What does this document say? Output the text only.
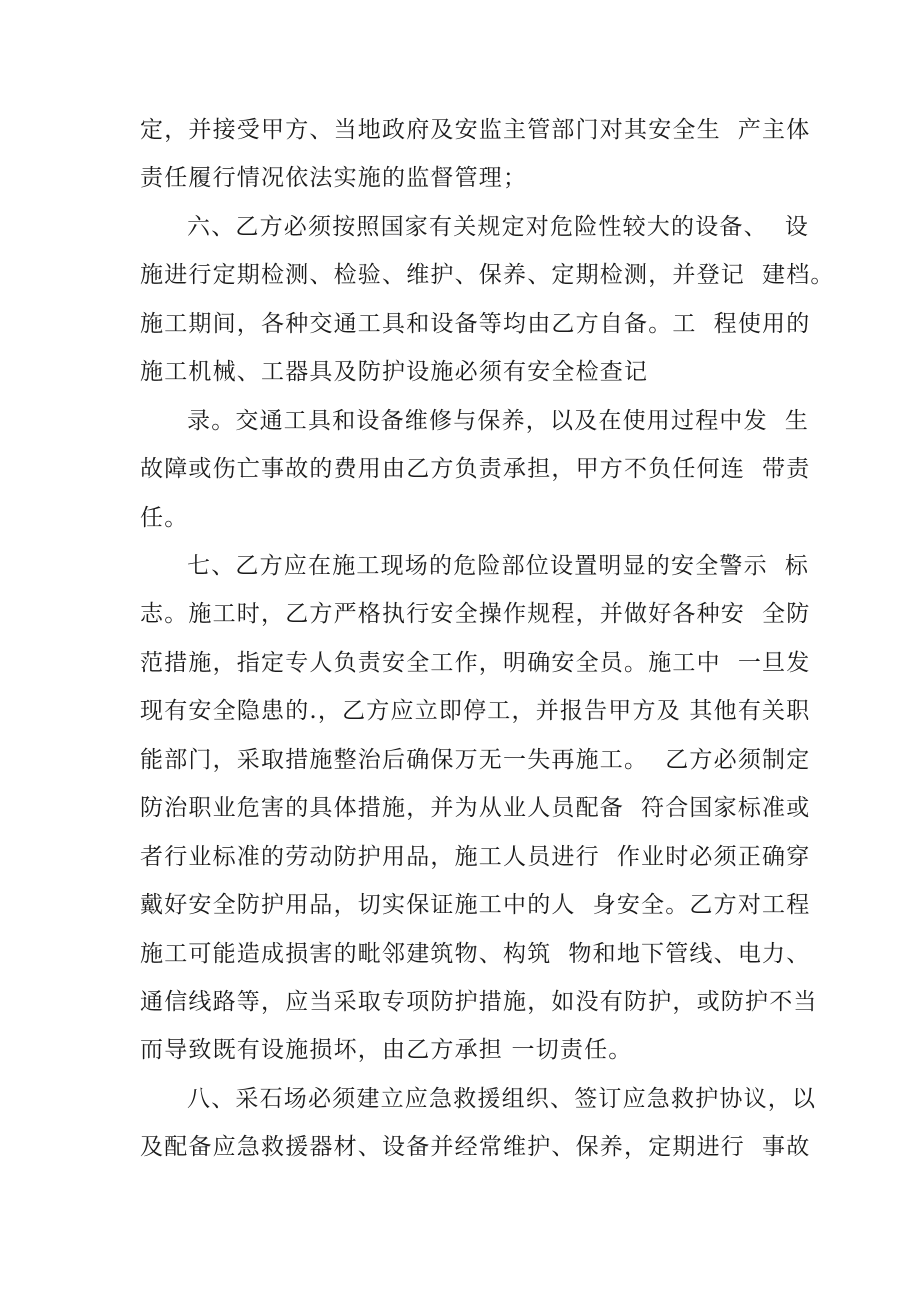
定，并接受甲方、当地政府及安监主管部门对其安全生  产主体
责任履行情况依法实施的监督管理；
六、乙方必须按照国家有关规定对危险性较大的设备、  设
施进行定期检测、检验、维护、保养、定期检测，并登记  建档。
施工期间，各种交通工具和设备等均由乙方自备。工  程使用的
施工机械、工器具及防护设施必须有安全检查记
录。交通工具和设备维修与保养，以及在使用过程中发  生
故障或伤亡事故的费用由乙方负责承担，甲方不负任何连  带责
任。
七、乙方应在施工现场的危险部位设置明显的安全警示  标
志。施工时，乙方严格执行安全操作规程，并做好各种安  全防
范措施，指定专人负责安全工作，明确安全员。施工中  一旦发
现有安全隐患的.，乙方应立即停工，并报告甲方及 其他有关职
能部门，采取措施整治后确保万无一失再施工。  乙方必须制定
防治职业危害的具体措施，并为从业人员配备  符合国家标准或
者行业标准的劳动防护用品，施工人员进行  作业时必须正确穿
戴好安全防护用品，切实保证施工中的人  身安全。乙方对工程
施工可能造成损害的毗邻建筑物、构筑  物和地下管线、电力、
通信线路等，应当采取专项防护措施，如没有防护，或防护不当
而导致既有设施损坏，由乙方承担 一切责任。
八、采石场必须建立应急救援组织、签订应急救护协议，以
及配备应急救援器材、设备并经常维护、保养，定期进行  事故
